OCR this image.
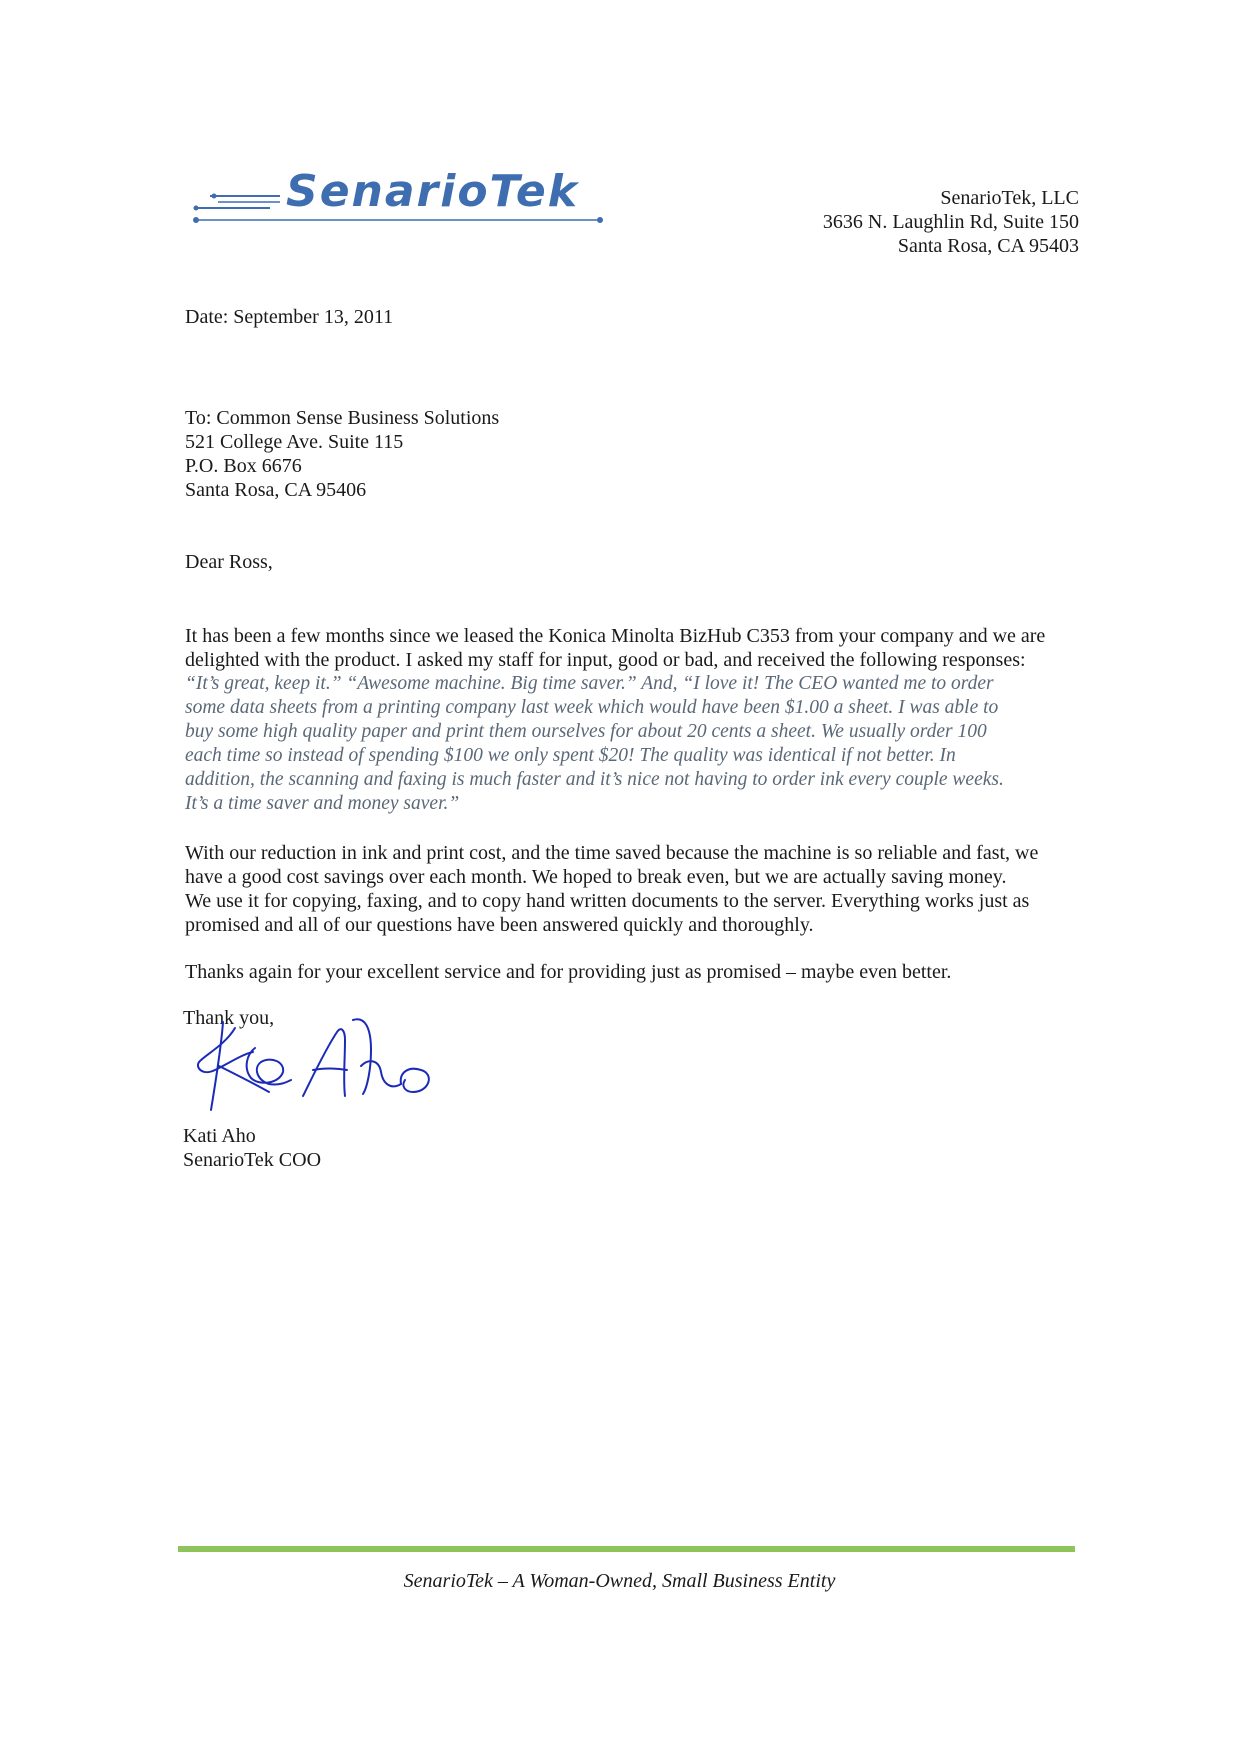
SenarioTek	SenarioTek, LLC
3636 N. Laughlin Rd, Suite 150
Santa Rosa, CA 95403
Date: September 13, 2011
To: Common Sense Business Solutions
521 College Ave. Suite 115
P.O. Box 6676
Santa Rosa, CA 95406
Dear Ross,
It has been a few months since we leased the Konica Minolta BizHub C353 from your company and we are
delighted with the product. I asked my staff for input, good or bad, and received the following responses:
“It’s great, keep it.” “Awesome machine. Big time saver.” And, “I love it! The CEO wanted me to order
some data sheets from a printing company last week which would have been $1.00 a sheet. I was able to
buy some high quality paper and print them ourselves for about 20 cents a sheet. We usually order 100
each time so instead of spending $100 we only spent $20! The quality was identical if not better. In
addition, the scanning and faxing is much faster and it’s nice not having to order ink every couple weeks.
It’s a time saver and money saver.”
With our reduction in ink and print cost, and the time saved because the machine is so reliable and fast, we
have a good cost savings over each month. We hoped to break even, but we are actually saving money.
We use it for copying, faxing, and to copy hand written documents to the server. Everything works just as
promised and all of our questions have been answered quickly and thoroughly.
Thanks again for your excellent service and for providing just as promised – maybe even better.
Thank you,
Kati Aho
SenarioTek COO
SenarioTek – A Woman-Owned, Small Business Entity
